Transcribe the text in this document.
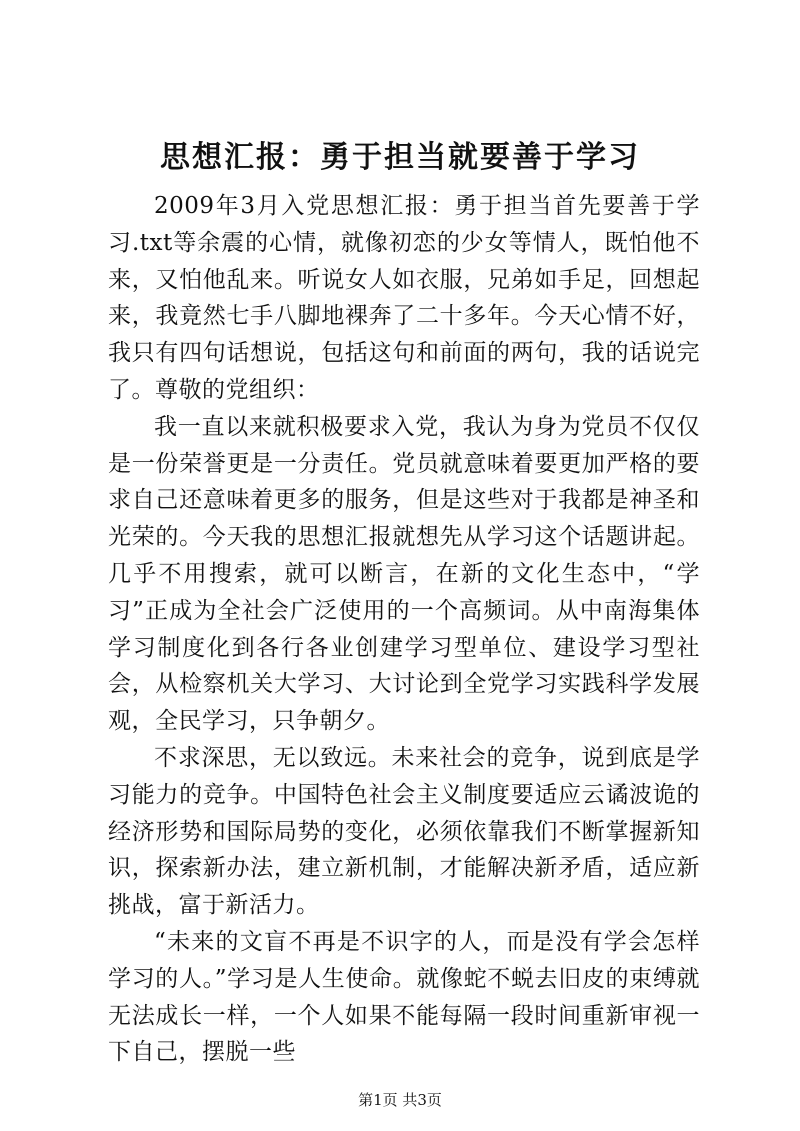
思想汇报：勇于担当就要善于学习

2009年3月入党思想汇报：勇于担当首先要善于学习.txt等余震的心情，就像初恋的少女等情人，既怕他不来，又怕他乱来。听说女人如衣服，兄弟如手足，回想起来，我竟然七手八脚地裸奔了二十多年。今天心情不好，我只有四句话想说，包括这句和前面的两句，我的话说完了。尊敬的党组织：

我一直以来就积极要求入党，我认为身为党员不仅仅是一份荣誉更是一分责任。党员就意味着要更加严格的要求自己还意味着更多的服务，但是这些对于我都是神圣和光荣的。今天我的思想汇报就想先从学习这个话题讲起。几乎不用搜索，就可以断言，在新的文化生态中，“学习”正成为全社会广泛使用的一个高频词。从中南海集体学习制度化到各行各业创建学习型单位、建设学习型社会，从检察机关大学习、大讨论到全党学习实践科学发展观，全民学习，只争朝夕。

不求深思，无以致远。未来社会的竞争，说到底是学习能力的竞争。中国特色社会主义制度要适应云谲波诡的经济形势和国际局势的变化，必须依靠我们不断掌握新知识，探索新办法，建立新机制，才能解决新矛盾，适应新挑战，富于新活力。

“未来的文盲不再是不识字的人，而是没有学会怎样学习的人。”学习是人生使命。就像蛇不蜕去旧皮的束缚就无法成长一样，一个人如果不能每隔一段时间重新审视一下自己，摆脱一些

第1页 共3页
